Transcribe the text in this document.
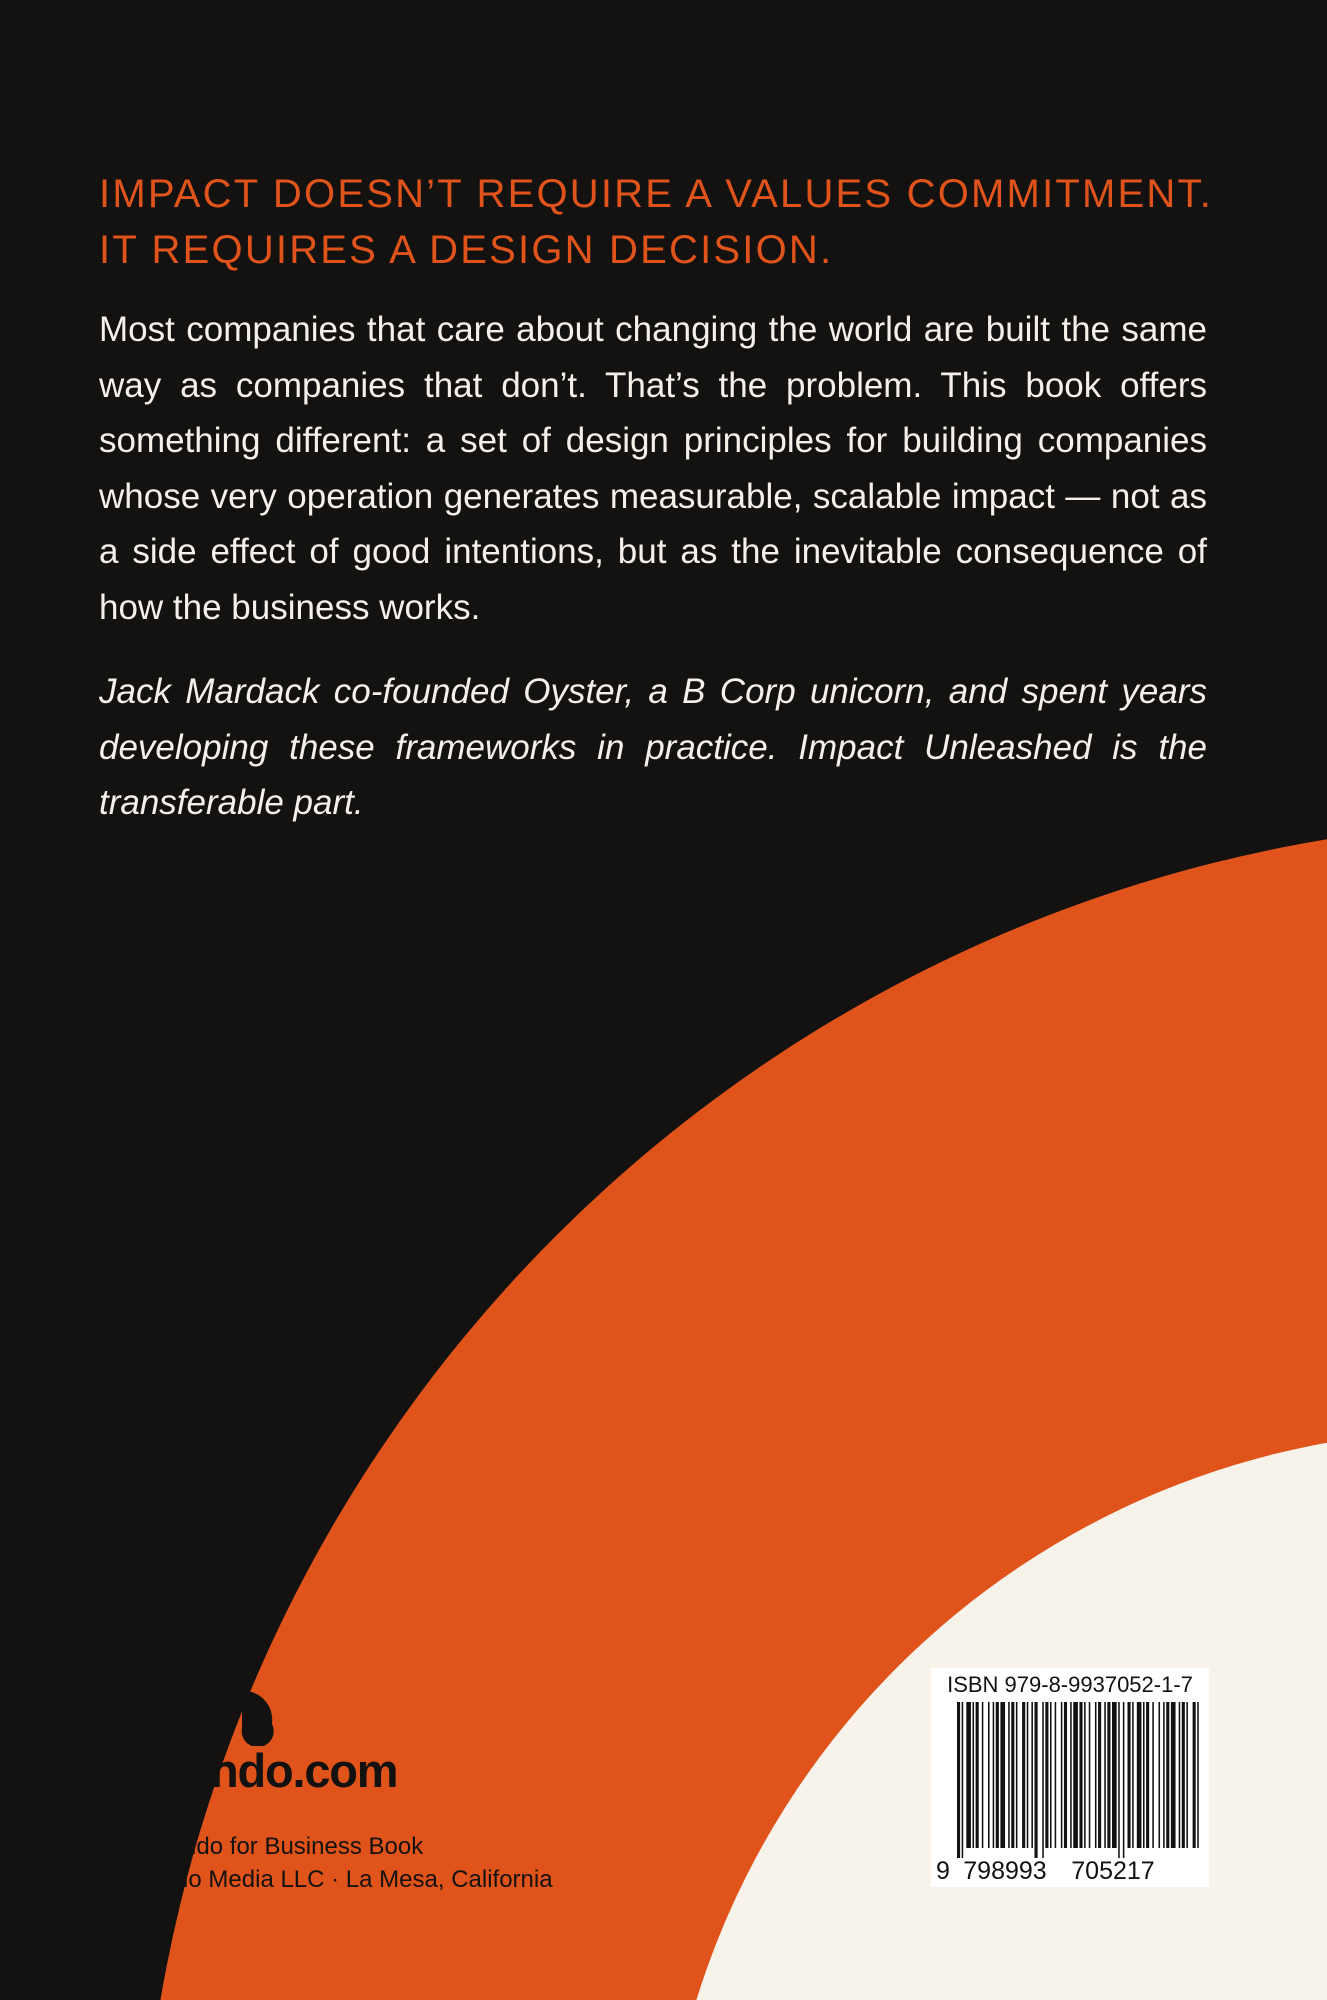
IMPACT DOESN’T REQUIRE A VALUES COMMITMENT.
IT REQUIRES A DESIGN DECISION.

Most companies that care about changing the world are built the same way as companies that don’t. That’s the problem. This book offers something different: a set of design principles for building companies whose very operation generates measurable, scalable impact — not as a side effect of good intentions, but as the inevitable consequence of how the business works.

Jack Mardack co-founded Oyster, a B Corp unicorn, and spent years developing these frameworks in practice. Impact Unleashed is the transferable part.

lloviendo.com
A Lloviendo for Business Book
Lloviendo Media LLC · La Mesa, California	9 798993 705217
ISBN 979-8-9937052-1-7
